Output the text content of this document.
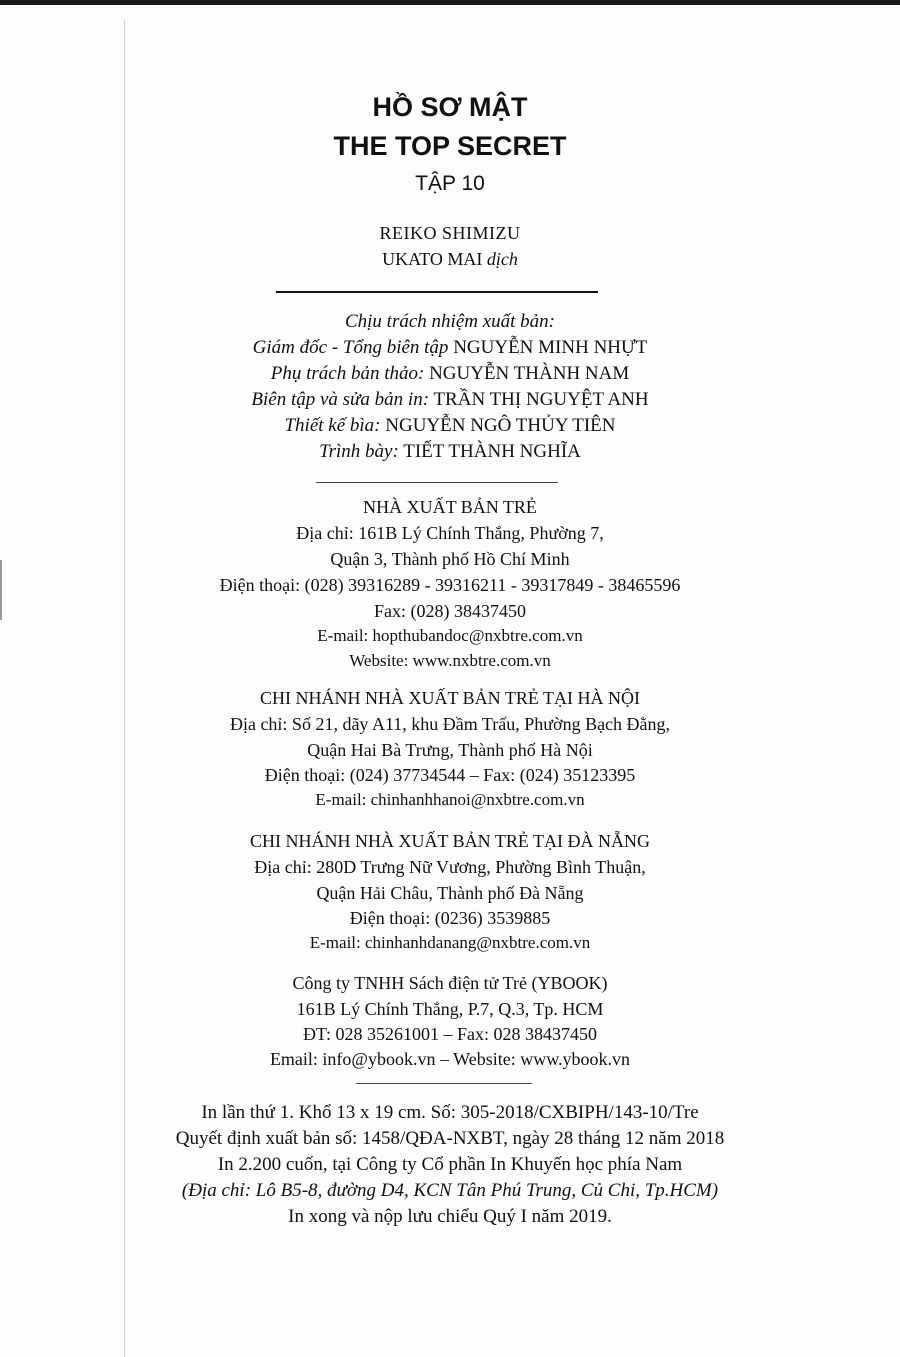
HỒ SƠ MẬT
THE TOP SECRET
TẬP 10
REIKO SHIMIZU
UKATO MAI dịch
Chịu trách nhiệm xuất bản:
Giám đốc - Tổng biên tập NGUYỄN MINH NHỰT
Phụ trách bản thảo: NGUYỄN THÀNH NAM
Biên tập và sửa bản in: TRẦN THỊ NGUYỆT ANH
Thiết kế bìa: NGUYỄN NGÔ THỦY TIÊN
Trình bày: TIẾT THÀNH NGHĨA
NHÀ XUẤT BẢN TRẺ
Địa chỉ: 161B Lý Chính Thắng, Phường 7,
Quận 3, Thành phố Hồ Chí Minh
Điện thoại: (028) 39316289 - 39316211 - 39317849 - 38465596
Fax: (028) 38437450
E-mail: hopthubandoc@nxbtre.com.vn
Website: www.nxbtre.com.vn
CHI NHÁNH NHÀ XUẤT BẢN TRẺ TẠI HÀ NỘI
Địa chỉ: Số 21, dãy A11, khu Đầm Trấu, Phường Bạch Đằng,
Quận Hai Bà Trưng, Thành phố Hà Nội
Điện thoại: (024) 37734544 – Fax: (024) 35123395
E-mail: chinhanhhanoi@nxbtre.com.vn
CHI NHÁNH NHÀ XUẤT BẢN TRẺ TẠI ĐÀ NẴNG
Địa chỉ: 280D Trưng Nữ Vương, Phường Bình Thuận,
Quận Hải Châu, Thành phố Đà Nẵng
Điện thoại: (0236) 3539885
E-mail: chinhanhdanang@nxbtre.com.vn
Công ty TNHH Sách điện tử Trẻ (YBOOK)
161B Lý Chính Thắng, P.7, Q.3, Tp. HCM
ĐT: 028 35261001 – Fax: 028 38437450
Email: info@ybook.vn – Website: www.ybook.vn
In lần thứ 1. Khổ 13 x 19 cm. Số: 305-2018/CXBIPH/143-10/Tre
Quyết định xuất bản số: 1458/QĐA-NXBT, ngày 28 tháng 12 năm 2018
In 2.200 cuốn, tại Công ty Cổ phần In Khuyến học phía Nam
(Địa chỉ: Lô B5-8, đường D4, KCN Tân Phú Trung, Củ Chi, Tp.HCM)
In xong và nộp lưu chiểu Quý I năm 2019.
